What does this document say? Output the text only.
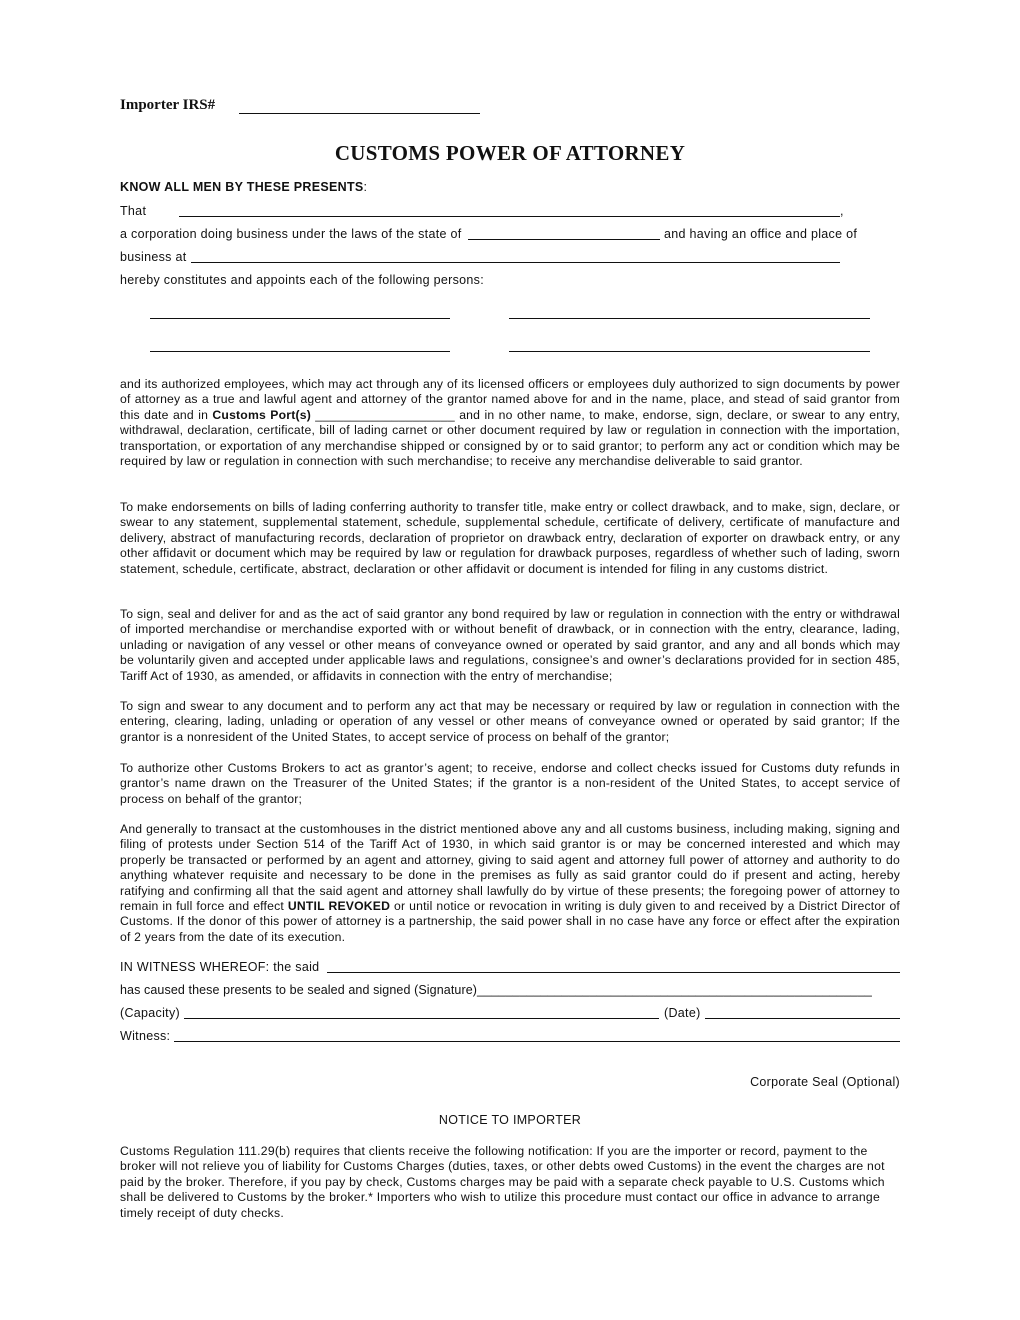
Importer IRS#
CUSTOMS POWER OF ATTORNEY
KNOW ALL MEN BY THESE PRESENTS:
That	,
a corporation doing business under the laws of the state of	and having an office and place of
business at
hereby constitutes and appoints each of the following persons:

and its authorized employees, which may act through any of its licensed officers or employees duly authorized to sign documents by power of attorney as a true and lawful agent and attorney of the grantor named above for and in the name, place, and stead of said grantor from this date and in Customs Port(s) ____________________ and in no other name, to make, endorse, sign, declare, or swear to any entry, withdrawal, declaration, certificate, bill of lading carnet or other document required by law or regulation in connection with the importation, transportation, or exportation of any merchandise shipped or consigned by or to said grantor; to perform any act or condition which may be required by law or regulation in connection with such merchandise; to receive any merchandise deliverable to said grantor.

To make endorsements on bills of lading conferring authority to transfer title, make entry or collect drawback, and to make, sign, declare, or swear to any statement, supplemental statement, schedule, supplemental schedule, certificate of delivery, certificate of manufacture and delivery, abstract of manufacturing records, declaration of proprietor on drawback entry, declaration of exporter on drawback entry, or any other affidavit or document which may be required by law or regulation for drawback purposes, regardless of whether such of lading, sworn statement, schedule, certificate, abstract, declaration or other affidavit or document is intended for filing in any customs district.

To sign, seal and deliver for and as the act of said grantor any bond required by law or regulation in connection with the entry or withdrawal of imported merchandise or merchandise exported with or without benefit of drawback, or in connection with the entry, clearance, lading, unlading or navigation of any vessel or other means of conveyance owned or operated by said grantor, and any and all bonds which may be voluntarily given and accepted under applicable laws and regulations, consignee’s and owner’s declarations provided for in section 485, Tariff Act of 1930, as amended, or affidavits in connection with the entry of merchandise;

To sign and swear to any document and to perform any act that may be necessary or required by law or regulation in connection with the entering, clearing, lading, unlading or operation of any vessel or other means of conveyance owned or operated by said grantor; If the grantor is a nonresident of the United States, to accept service of process on behalf of the grantor;

To authorize other Customs Brokers to act as grantor’s agent; to receive, endorse and collect checks issued for Customs duty refunds in grantor’s name drawn on the Treasurer of the United States; if the grantor is a non-resident of the United States, to accept service of process on behalf of the grantor;

And generally to transact at the customhouses in the district mentioned above any and all customs business, including making, signing and filing of protests under Section 514 of the Tariff Act of 1930, in which said grantor is or may be concerned interested and which may properly be transacted or performed by an agent and attorney, giving to said agent and attorney full power of attorney and authority to do anything whatever requisite and necessary to be done in the premises as fully as said grantor could do if present and acting, hereby ratifying and confirming all that the said agent and attorney shall lawfully do by virtue of these presents; the foregoing power of attorney to remain in full force and effect UNTIL REVOKED or until notice or revocation in writing is duly given to and received by a District Director of Customs. If the donor of this power of attorney is a partnership, the said power shall in no case have any force or effect after the expiration of 2 years from the date of its execution.

IN WITNESS WHEREOF: the said
has caused these presents to be sealed and signed (Signature)________________________________________________________
(Capacity)	(Date)
Witness:
Corporate Seal (Optional)
NOTICE TO IMPORTER

Customs Regulation 111.29(b) requires that clients receive the following notification: If you are the importer or record, payment to the broker will not relieve you of liability for Customs Charges (duties, taxes, or other debts owed Customs) in the event the charges are not paid by the broker. Therefore, if you pay by check, Customs charges may be paid with a separate check payable to U.S. Customs which shall be delivered to Customs by the broker.* Importers who wish to utilize this procedure must contact our office in advance to arrange timely receipt of duty checks.
